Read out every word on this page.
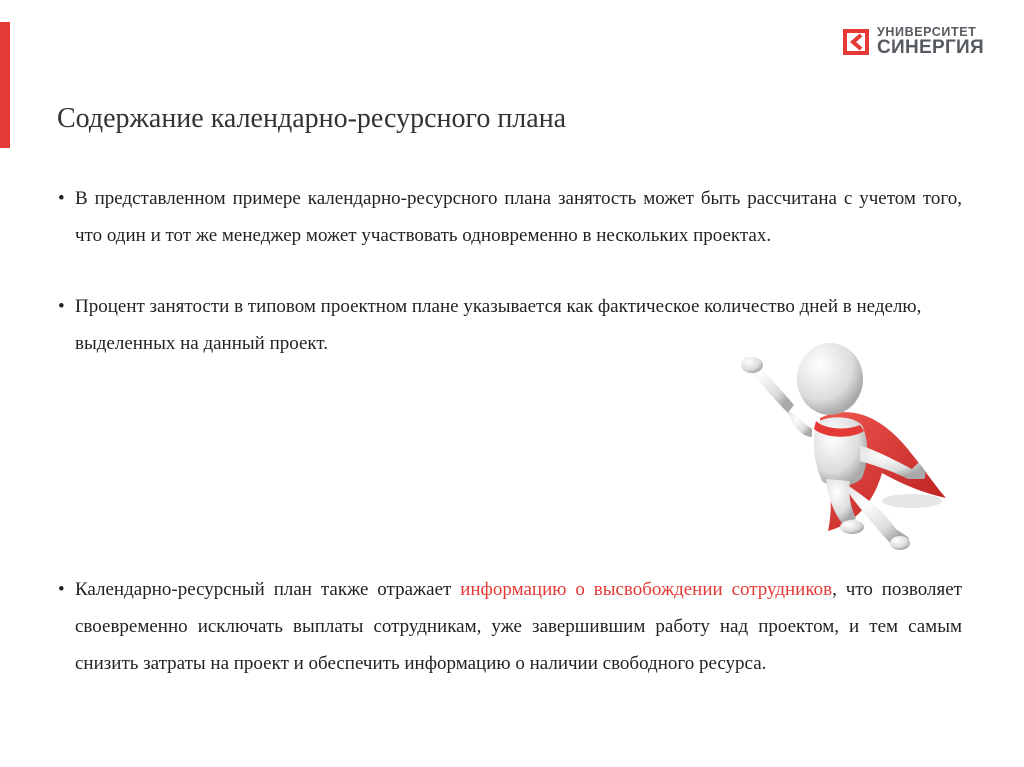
УНИВЕРСИТЕТ
СИНЕРГИЯ
Содержание календарно-ресурсного плана
• В представленном примере календарно-ресурсного плана занятость может быть рассчитана с учетом того, что один и тот же менеджер может участвовать одновременно в нескольких проектах.
• Процент занятости в типовом проектном плане указывается как фактическое количество дней в неделю, выделенных на данный проект.
• Календарно-ресурсный план также отражает информацию о высвобождении сотрудников, что позволяет своевременно исключать выплаты сотрудникам, уже завершившим работу над проектом, и тем самым снизить затраты на проект и обеспечить информацию о наличии свободного ресурса.
